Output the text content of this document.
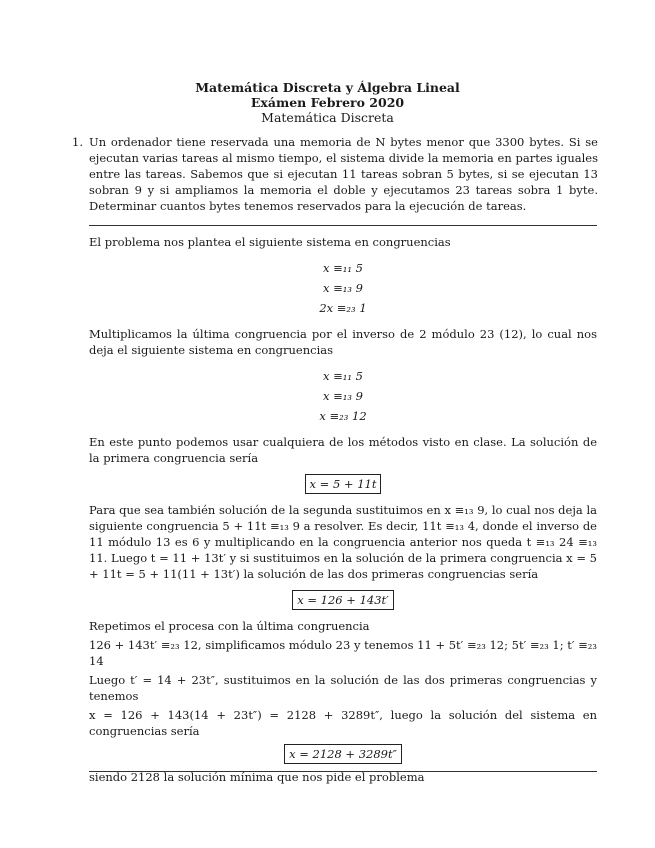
Matemática Discreta y Álgebra Lineal
Exámen Febrero 2020
Matemática Discreta
1. Un ordenador tiene reservada una memoria de N bytes menor que 3300 bytes. Si se ejecutan varias tareas al mismo tiempo, el sistema divide la memoria en partes iguales entre las tareas. Sabemos que si ejecutan 11 tareas sobran 5 bytes, si se ejecutan 13 sobran 9 y si ampliamos la memoria el doble y ejecutamos 23 tareas sobra 1 byte. Determinar cuantos bytes tenemos reservados para la ejecución de tareas.

El problema nos plantea el siguiente sistema en congruencias

x ≡₁₁ 5
x ≡₁₃ 9
2x ≡₂₃ 1

Multiplicamos la última congruencia por el inverso de 2 módulo 23 (12), lo cual nos deja el siguiente sistema en congruencias

x ≡₁₁ 5
x ≡₁₃ 9
x ≡₂₃ 12

En este punto podemos usar cualquiera de los métodos visto en clase. La solución de la primera congruencia sería

x = 5 + 11t

Para que sea también solución de la segunda sustituimos en x ≡₁₃ 9, lo cual nos deja la siguiente congruencia 5 + 11t ≡₁₃ 9 a resolver. Es decir, 11t ≡₁₃ 4, donde el inverso de 11 módulo 13 es 6 y multiplicando en la congruencia anterior nos queda t ≡₁₃ 24 ≡₁₃ 11. Luego t = 11 + 13t′ y si sustituimos en la solución de la primera congruencia x = 5 + 11t = 5 + 11(11 + 13t′) la solución de las dos primeras congruencias sería

x = 126 + 143t′

Repetimos el procesa con la última congruencia

126 + 143t′ ≡₂₃ 12, simplificamos módulo 23 y tenemos 11 + 5t′ ≡₂₃ 12; 5t′ ≡₂₃ 1; t′ ≡₂₃ 14

Luego t′ = 14 + 23t″, sustituimos en la solución de las dos primeras congruencias y tenemos

x = 126 + 143(14 + 23t″) = 2128 + 3289t″, luego la solución del sistema en congruencias sería

x = 2128 + 3289t″

siendo 2128 la solución mínima que nos pide el problema
